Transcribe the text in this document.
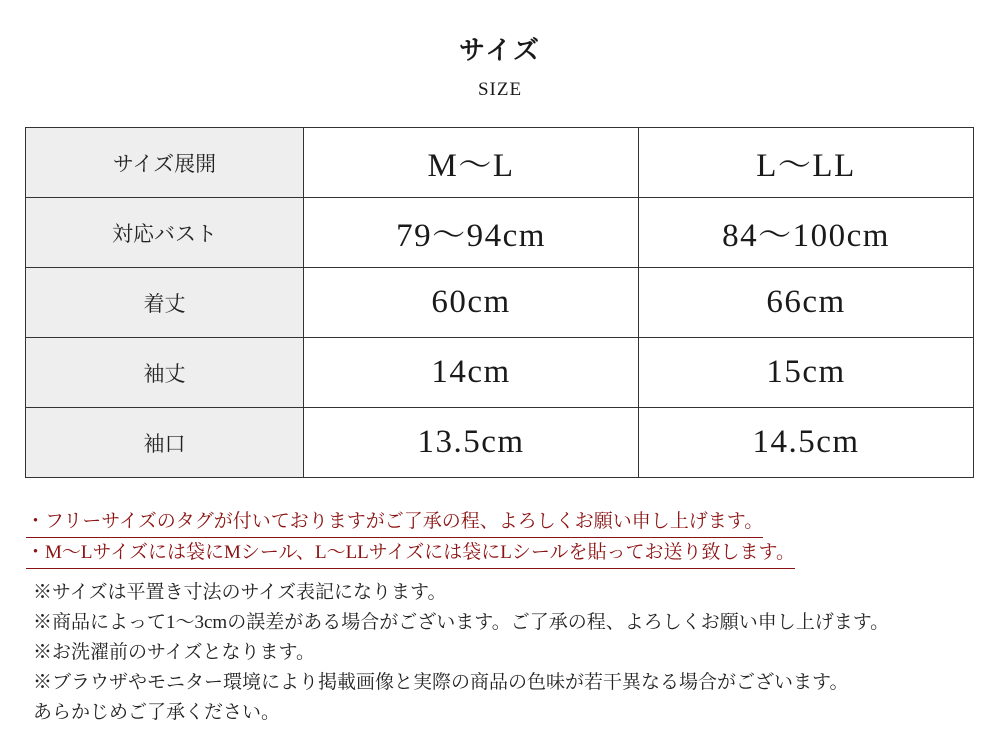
サイズ
SIZE
サイズ展開	M～L	L～LL
対応バスト	79～94cm	84～100cm
着丈	60cm	66cm
袖丈	14cm	15cm
袖口	13.5cm	14.5cm
・フリーサイズのタグが付いておりますがご了承の程、よろしくお願い申し上げます。
・M～Lサイズには袋にMシール、L～LLサイズには袋にLシールを貼ってお送り致します。
※サイズは平置き寸法のサイズ表記になります。
※商品によって1～3cmの誤差がある場合がございます。ご了承の程、よろしくお願い申し上げます。
※お洗濯前のサイズとなります。
※ブラウザやモニター環境により掲載画像と実際の商品の色味が若干異なる場合がございます。
あらかじめご了承ください。
